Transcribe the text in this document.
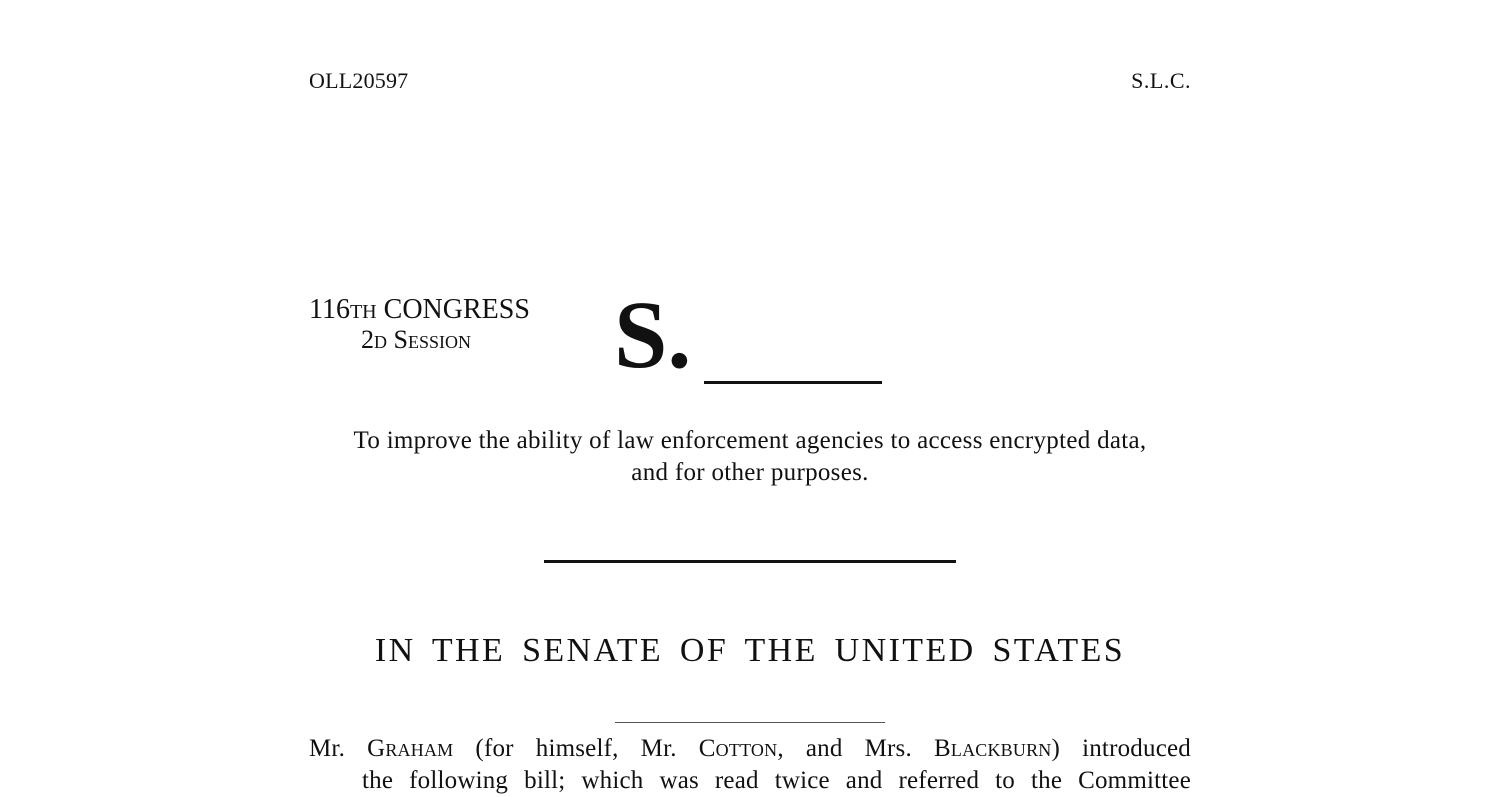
OLL20597	S.L.C.
116th CONGRESS
2d Session	S.
To improve the ability of law enforcement agencies to access encrypted data,
and for other purposes.
IN THE SENATE OF THE UNITED STATES
Mr. Graham (for himself, Mr. Cotton, and Mrs. Blackburn) introduced
the following bill; which was read twice and referred to the Committee
